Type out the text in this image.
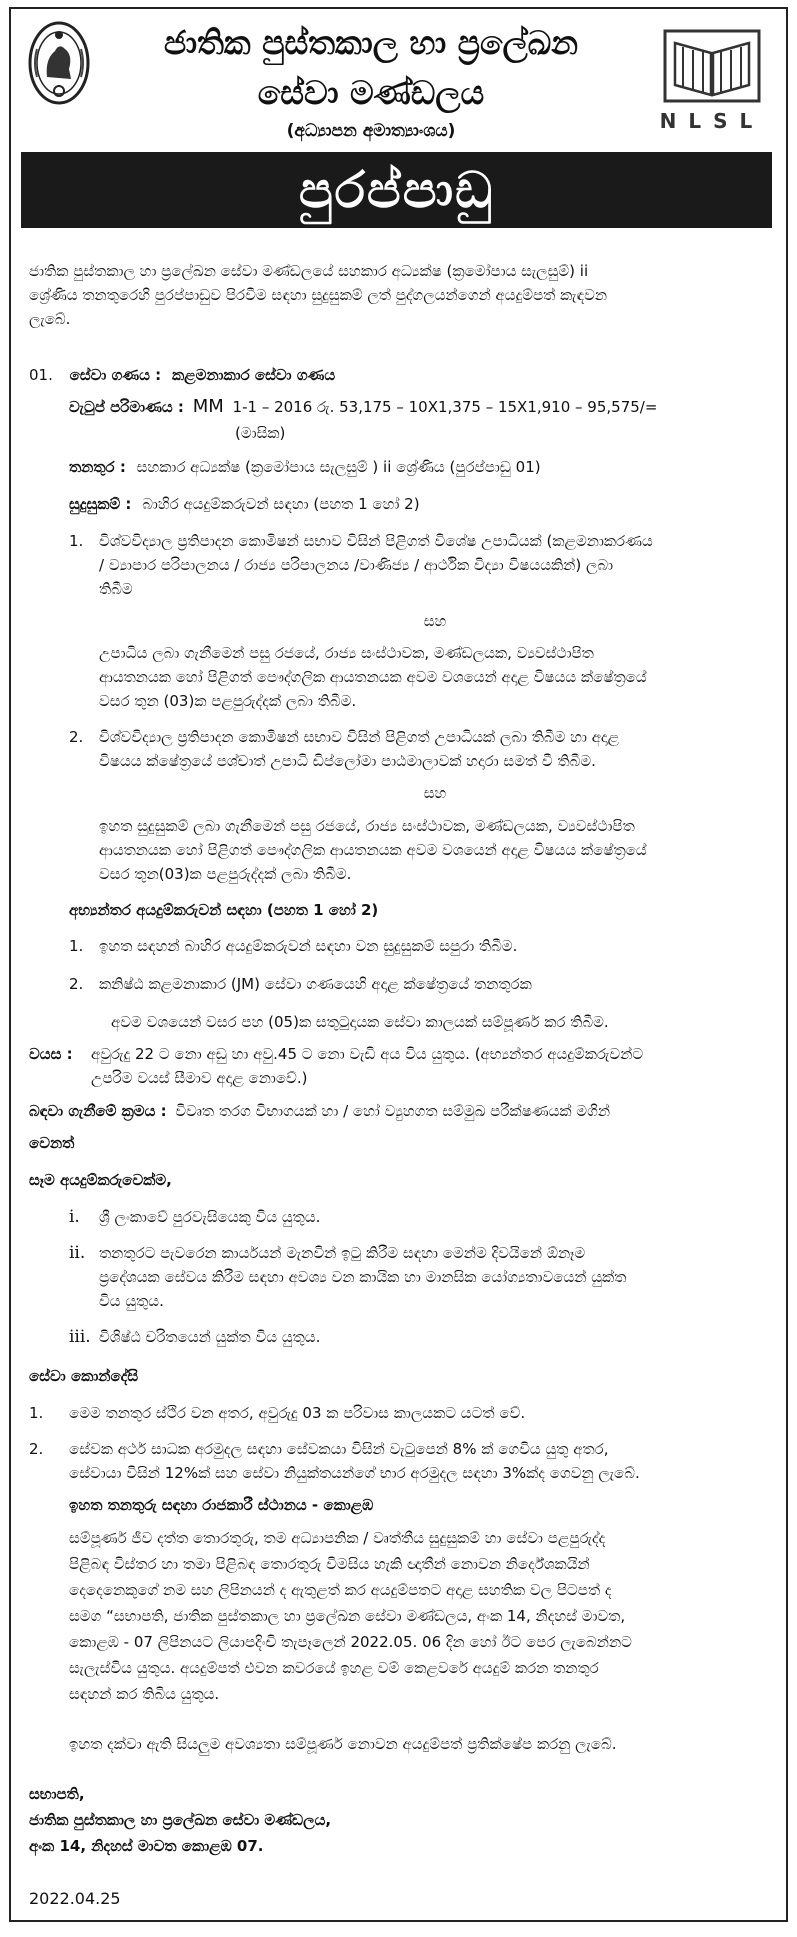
ජාතික පුස්තකාල හා ප්‍රලේඛන
සේවා මණ්ඩලය
(අධ්‍යාපන අමාත්‍යාංශය)	NLSL
පුරප්පාඩු
ජාතික පුස්තකාල හා ප්‍රලේඛන සේවා මණ්ඩලයේ සහකාර අධ්‍යක්ෂ (ක්‍රමෝපාය සැලසුම්) ii
ශ්‍රේණිය තනතුරෙහි පුරප්පාඩුව පිරවීම සඳහා සුදුසුකම් ලත් පුද්ගලයන්ගෙන් අයදුම්පත් කැඳවන
ලැබේ.
01. සේවා ගණය : කළමනාකාර සේවා ගණය
වැටුප් පරිමාණය : MM 1-1 – 2016 රු. 53,175 – 10X1,375 – 15X1,910 – 95,575/=
(මාසික)
තනතුර : සහකාර අධ්‍යක්ෂ (ක්‍රමෝපාය සැලසුම් ) ii ශ්‍රේණිය (පුරප්පාඩු 01)
සුදුසුකම් : බාහිර අයදුම්කරුවන් සඳහා (පහත 1 හෝ 2)
1. විශ්වවිද්‍යාල ප්‍රතිපාදන කොමිෂන් සභාව විසින් පිළිගත් විශේෂ උපාධියක් (කළමනාකරණය
/ ව්‍යාපාර පරිපාලනය / රාජ්‍ය පරිපාලනය /වාණිජ්‍ය / ආර්ථික විද්‍යා විෂයයකින්) ලබා
තිබීම
සහ
උපාධිය ලබා ගැනීමෙන් පසු රජයේ, රාජ්‍ය සංස්ථාවක, මණ්ඩලයක, ව්‍යවස්ථාපිත
ආයතනයක හෝ පිළිගත් පෞද්ගලික ආයතනයක අවම වශයෙන් අදාළ විෂයය ක්ෂේත්‍රයේ
වසර තුන (03)ක පළපුරුද්දක් ලබා තිබීම.
2. විශ්වවිද්‍යාල ප්‍රතිපාදන කොමිෂන් සභාව විසින් පිළිගත් උපාධියක් ලබා තිබීම හා අදාළ
විෂයය ක්ෂේත්‍රයේ පශ්චාත් උපාධි ඩිප්ලෝමා පාඨමාලාවක් හදාරා සමත් වී තිබීම.
සහ
ඉහත සුදුසුකම් ලබා ගැනීමෙන් පසු රජයේ, රාජ්‍ය සංස්ථාවක, මණ්ඩලයක, ව්‍යවස්ථාපිත
ආයතනයක හෝ පිළිගත් පෞද්ගලික ආයතනයක අවම වශයෙන් අදාළ විෂයය ක්ෂේත්‍රයේ
වසර තුන(03)ක පළපුරුද්දක් ලබා තිබීම.
අභ්‍යන්තර අයදුම්කරුවන් සඳහා (පහත 1 හෝ 2)
1. ඉහත සඳහන් බාහිර අයදුම්කරුවන් සඳහා වන සුදුසුකම් සපුරා තිබීම.
2. කනිෂ්ඨ කළමනාකාර (JM) සේවා ගණයෙහි අදාළ ක්ෂේත්‍රයේ තනතුරක
අවම වශයෙන් වසර පහ (05)ක සතුටුදායක සේවා කාලයක් සම්පූර්ණ කර තිබීම.
වයස : අවුරුදු 22 ට නො අඩු හා අවු.45 ට නො වැඩි අය විය යුතුය. (අභ්‍යන්තර අයදුම්කරුවන්ට
උපරිම වයස් සීමාව අදාළ නොවේ.)
බඳවා ගැනීමේ ක්‍රමය : විවෘත තරග විභාගයක් හා / හෝ ව්‍යුහගත සම්මුඛ පරීක්ෂණයක් මගින්
වෙනත්
සෑම අයදුම්කරුවෙක්ම,
i. ශ්‍රී ලංකාවේ පුරවැසියෙකු විය යුතුය.
ii. තනතුරට පැවරෙන කාර්යයන් මැනවින් ඉටු කිරීම සඳහා මෙන්ම දිවයිනේ ඕනෑම
ප්‍රදේශයක සේවය කිරීම සඳහා අවශ්‍ය වන කායික හා මානසික යෝග්‍යතාවයෙන් යුක්ත
විය යුතුය.
iii. විශිෂ්ඨ චරිතයෙන් යුක්ත විය යුතුය.
සේවා කොන්දේසි
1. මෙම තනතුර ස්ථිර වන අතර, අවුරුදු 03 ක පරිවාස කාලයකට යටත් වේ.
2. සේවක අර්ථ සාධක අරමුදල සඳහා සේවකයා විසින් වැටුපෙන් 8% ක් ගෙවිය යුතු අතර,
සේවායා විසින් 12%ක් සහ සේවා නියුක්තයන්ගේ භාර අරමුදල සඳහා 3%ක්ද ගෙවනු ලැබේ.
ඉහත තනතුරු සඳහා රාජකාරී ස්ථානය - කොළඹ
සම්පූර්ණ ජීව දත්ත තොරතුරු, තම අධ්‍යාපනික / වෘත්තීය සුදුසුකම් හා සේවා පළපුරුද්ද
පිළිබඳ විස්තර හා තමා පිළිබඳ තොරතුරු විමසිය හැකි ඥාතීන් නොවන නිර්දේශකයින්
දෙදෙනෙකුගේ නම සහ ලිපිනයන් ද ඇතුළත් කර අයදුම්පතට අදාළ සහතික වල පිටපත් ද
සමග “සභාපති, ජාතික පුස්තකාල හා ප්‍රලේඛන සේවා මණ්ඩලය, අංක 14, නිදහස් මාවත,
කොළඹ - 07 ලිපිනයට ලියාපදිංචි තැපෑලෙන් 2022.05. 06 දින හෝ ඊට පෙර ලැබෙන්නට
සැලැස්විය යුතුය. අයදුම්පත් එවන කවරයේ ඉහළ වම් කෙළවරේ අයදුම් කරන තනතුර
සඳහන් කර තිබිය යුතුය.
ඉහත දක්වා ඇති සියලුම අවශ්‍යතා සම්පූර්ණ නොවන අයදුම්පත් ප්‍රතික්ෂේප කරනු ලැබේ.
සභාපති,
ජාතික පුස්තකාල හා ප්‍රලේඛන සේවා මණ්ඩලය,
අංක 14, නිදහස් මාවත කොළඹ 07.
2022.04.25
